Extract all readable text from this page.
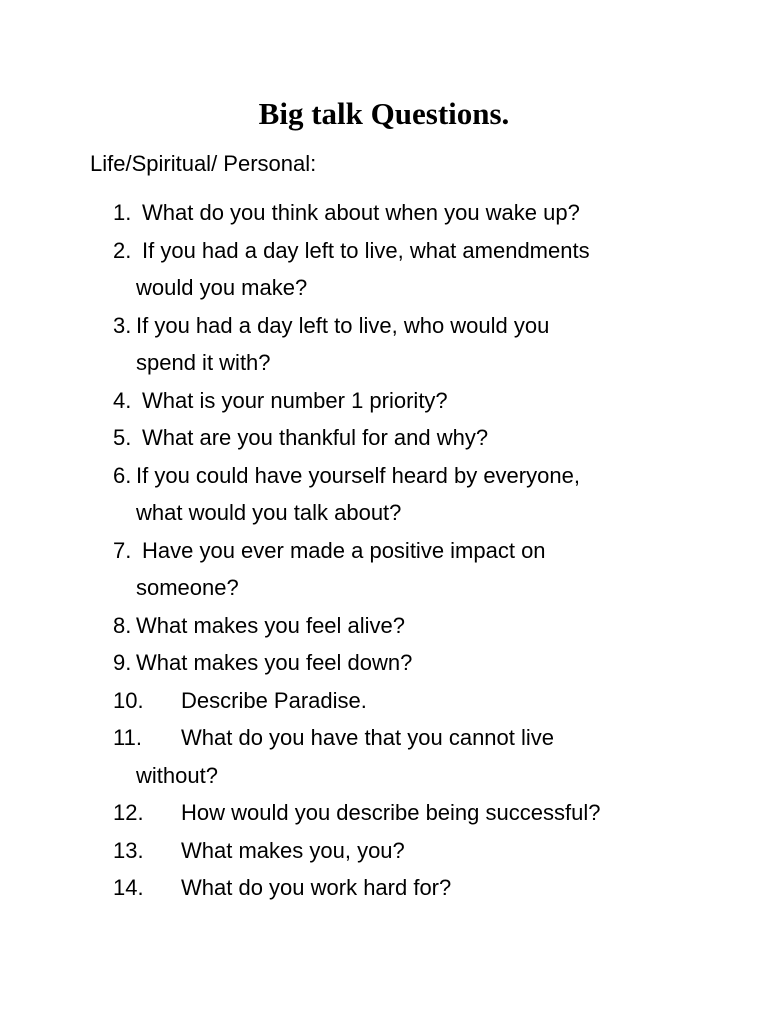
Big talk Questions.

Life/Spiritual/ Personal:

1. What do you think about when you wake up?
2. If you had a day left to live, what amendments
would you make?
3. If you had a day left to live, who would you
spend it with?
4. What is your number 1 priority?
5. What are you thankful for and why?
6. If you could have yourself heard by everyone,
what would you talk about?
7. Have you ever made a positive impact on
someone?
8. What makes you feel alive?
9. What makes you feel down?
10. Describe Paradise.
11. What do you have that you cannot live
without?
12. How would you describe being successful?
13. What makes you, you?
14. What do you work hard for?
